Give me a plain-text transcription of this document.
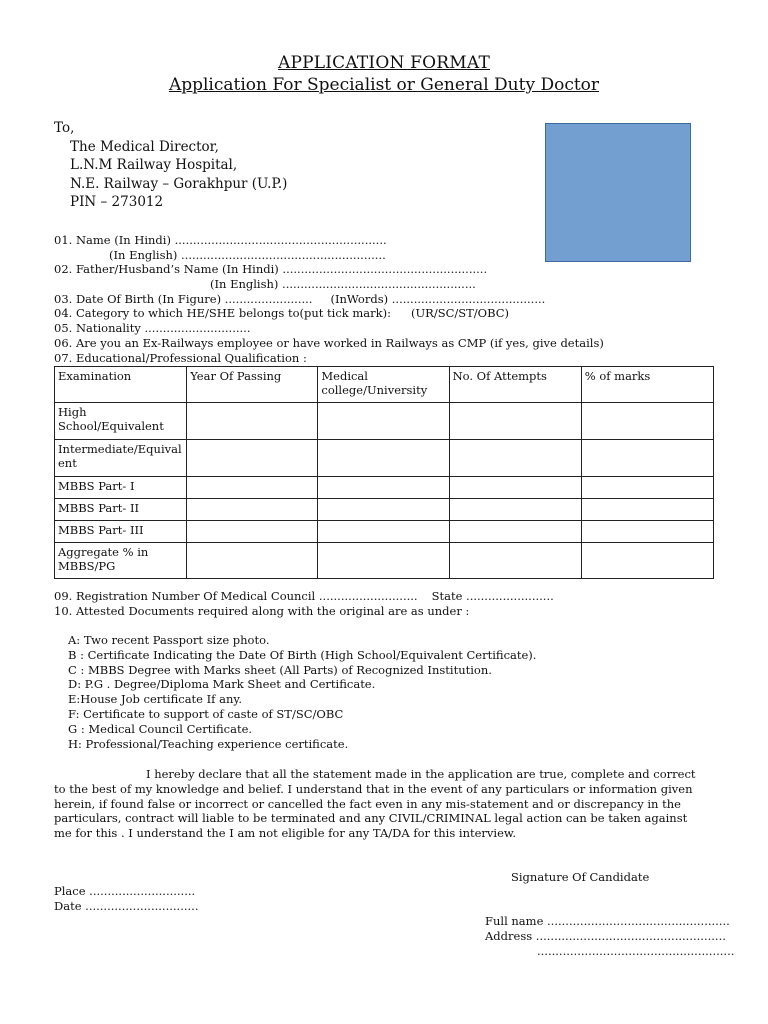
APPLICATION FORMAT
Application For Specialist or General Duty Doctor
To,
The Medical Director,
L.N.M Railway Hospital,
N.E. Railway – Gorakhpur (U.P.)
PIN – 273012
01. Name (In Hindi) ..........................................................
(In English) ........................................................
02. Father/Husband’s Name (In Hindi) ........................................................
(In English) .....................................................
03. Date Of Birth (In Figure) ........................ (InWords) ..........................................
04. Category to which HE/SHE belongs to(put tick mark): (UR/SC/ST/OBC)
05. Nationality .............................
06. Are you an Ex-Railways employee or have worked in Railways as CMP (if yes, give details)
07. Educational/Professional Qualification :
Examination	Year Of Passing	Medical college/University	No. Of Attempts	% of marks
High School/Equivalent				
Intermediate/Equivalent				
MBBS Part- I				
MBBS Part- II				
MBBS Part- III				
Aggregate % in MBBS/PG				
09. Registration Number Of Medical Council ........................... State ........................
10. Attested Documents required along with the original are as under :
A: Two recent Passport size photo.
B : Certificate Indicating the Date Of Birth (High School/Equivalent Certificate).
C : MBBS Degree with Marks sheet (All Parts) of Recognized Institution.
D: P.G . Degree/Diploma Mark Sheet and Certificate.
E:House Job certificate If any.
F: Certificate to support of caste of ST/SC/OBC
G : Medical Council Certificate.
H: Professional/Teaching experience certificate.
I hereby declare that all the statement made in the application are true, complete and correct to the best of my knowledge and belief. I understand that in the event of any particulars or information given herein, if found false or incorrect or cancelled the fact even in any mis-statement and or discrepancy in the particulars, contract will liable to be terminated and any CIVIL/CRIMINAL legal action can be taken against me for this . I understand the I am not eligible for any TA/DA for this interview.
Signature Of Candidate
Place .............................
Date ...............................
Full name ..................................................
Address ....................................................
......................................................
